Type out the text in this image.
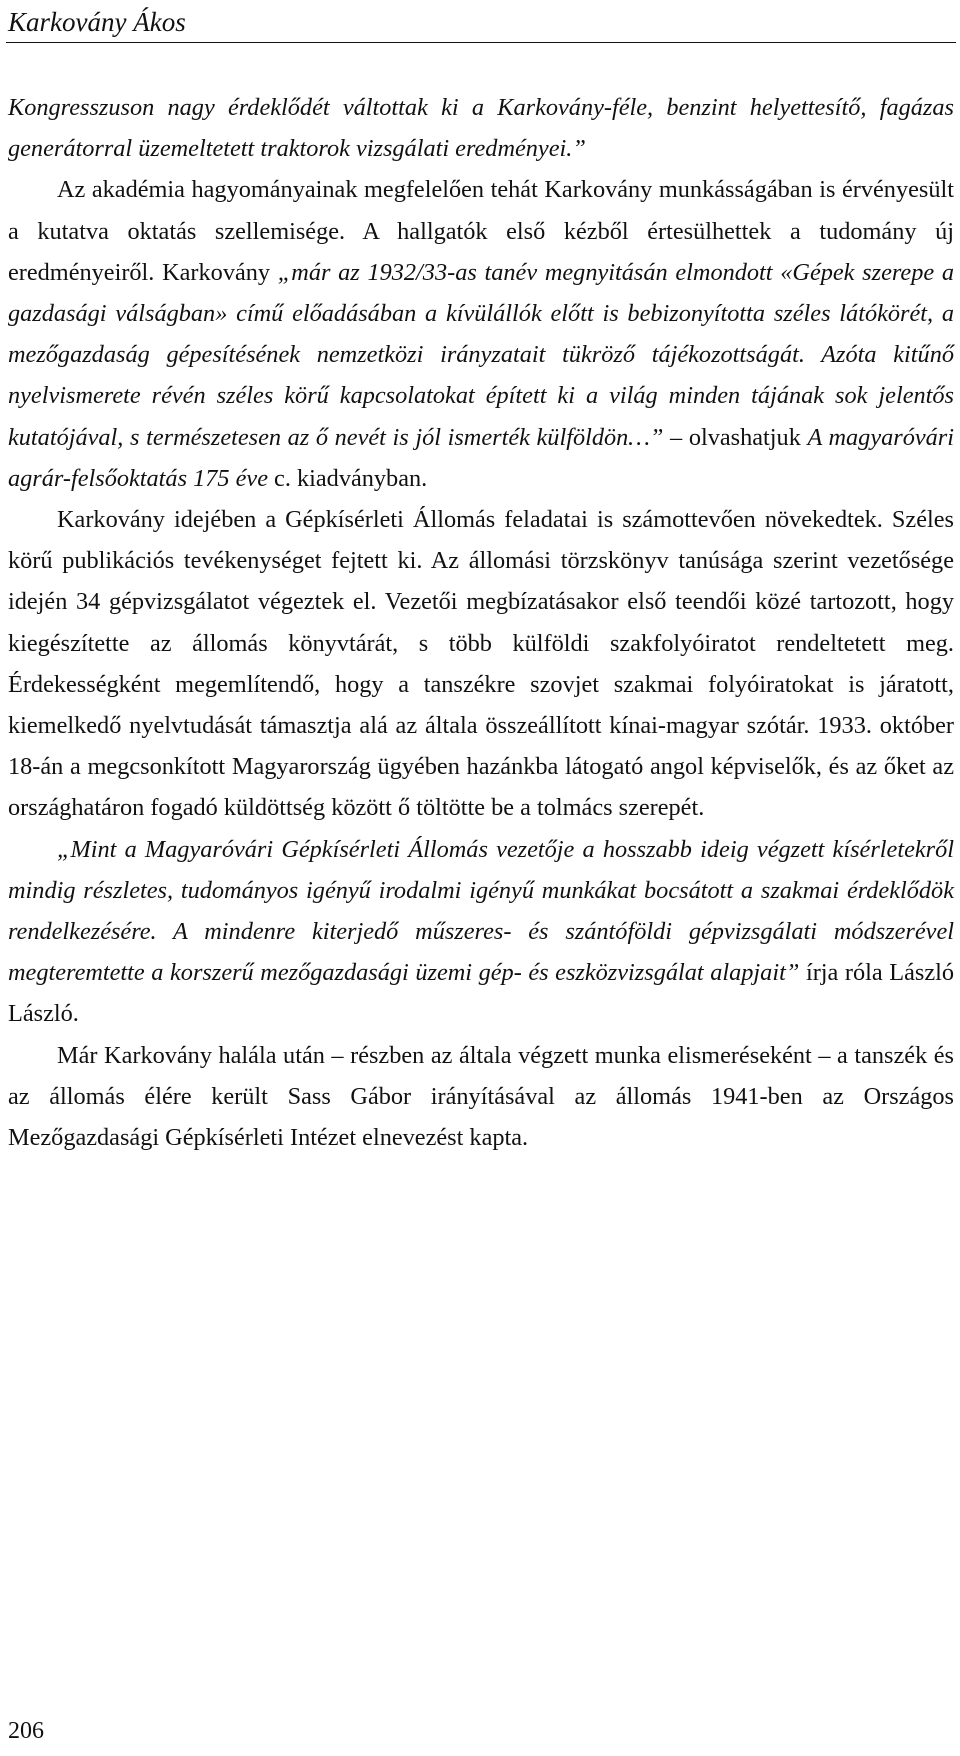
Karkovány Ákos

Kongresszuson nagy érdeklődét váltottak ki a Karkovány-féle, benzint helyettesítő, fagázas generátorral üzemeltetett traktorok vizsgálati eredményei.”

Az akadémia hagyományainak megfelelően tehát Karkovány munkásságában is érvényesült a kutatva oktatás szellemisége. A hallgatók első kézből értesülhettek a tudomány új eredményeiről. Karkovány „már az 1932/33-as tanév megnyitásán elmondott «Gépek szerepe a gazdasági válságban» című előadásában a kívülállók előtt is bebizonyította széles látókörét, a mezőgazdaság gépesítésének nemzetközi irányzatait tükröző tájékozottságát. Azóta kitűnő nyelvismerete révén széles körű kapcsolatokat épített ki a világ minden tájának sok jelentős kutatójával, s természetesen az ő nevét is jól ismerték külföldön…” – olvashatjuk A magyaróvári agrár-felsőoktatás 175 éve c. kiadványban.

Karkovány idejében a Gépkísérleti Állomás feladatai is számottevően növekedtek. Széles körű publikációs tevékenységet fejtett ki. Az állomási törzskönyv tanúsága szerint vezetősége idején 34 gépvizsgálatot végeztek el. Vezetői megbízatásakor első teendői közé tartozott, hogy kiegészítette az állomás könyvtárát, s több külföldi szakfolyóiratot rendeltetett meg. Érdekességként megemlítendő, hogy a tanszékre szovjet szakmai folyóiratokat is járatott, kiemelkedő nyelvtudását támasztja alá az általa összeállított kínai-magyar szótár. 1933. október 18-án a megcsonkított Magyarország ügyében hazánkba látogató angol képviselők, és az őket az országhatáron fogadó küldöttség között ő töltötte be a tolmács szerepét.

„Mint a Magyaróvári Gépkísérleti Állomás vezetője a hosszabb ideig végzett kísérletekről mindig részletes, tudományos igényű irodalmi igényű munkákat bocsátott a szakmai érdeklődök rendelkezésére. A mindenre kiterjedő műszeres- és szántóföldi gépvizsgálati módszerével megteremtette a korszerű mezőgazdasági üzemi gép- és eszközvizsgálat alapjait” írja róla László László.

Már Karkovány halála után – részben az általa végzett munka elismeréseként – a tanszék és az állomás élére került Sass Gábor irányításával az állomás 1941-ben az Országos Mezőgazdasági Gépkísérleti Intézet elnevezést kapta.

206
